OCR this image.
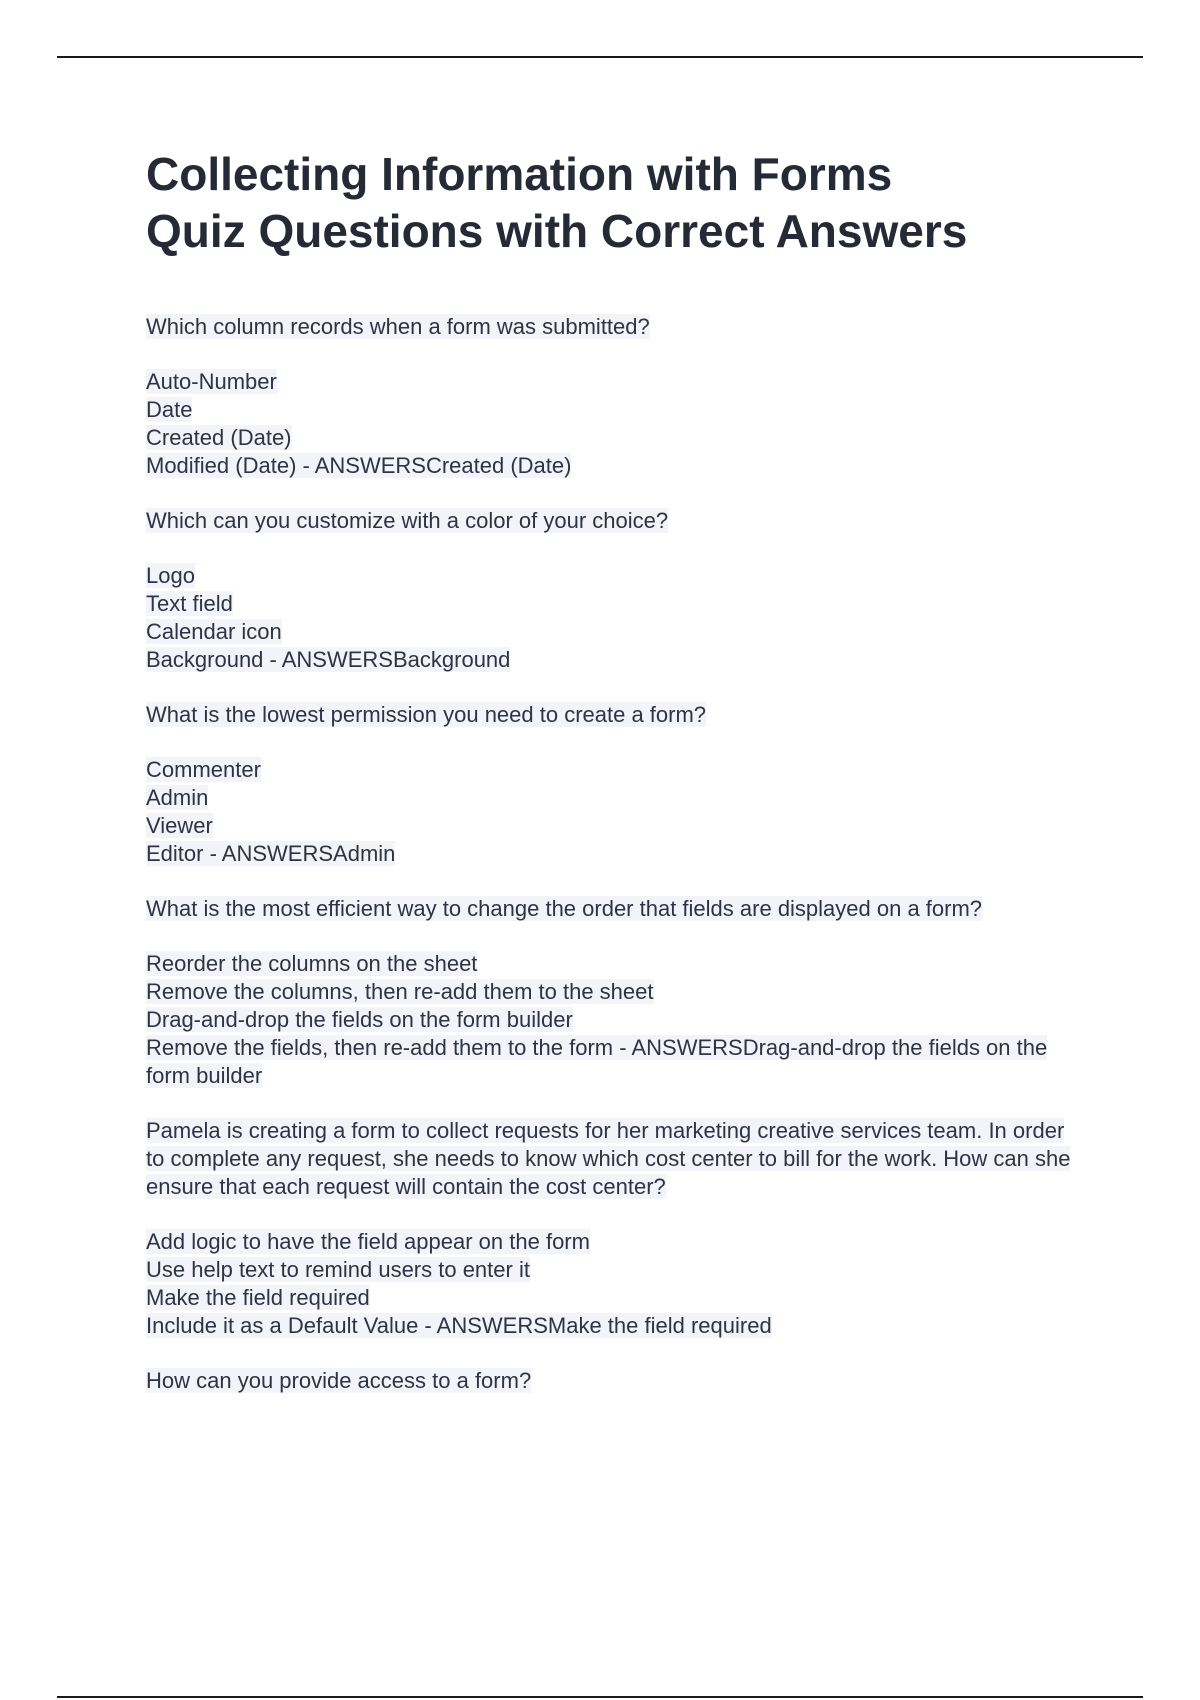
Collecting Information with Forms
Quiz Questions with Correct Answers
Which column records when a form was submitted?
Auto-Number
Date
Created (Date)
Modified (Date) - ANSWERSCreated (Date)
Which can you customize with a color of your choice?
Logo
Text field
Calendar icon
Background - ANSWERSBackground
What is the lowest permission you need to create a form?
Commenter
Admin
Viewer
Editor - ANSWERSAdmin
What is the most efficient way to change the order that fields are displayed on a form?
Reorder the columns on the sheet
Remove the columns, then re-add them to the sheet
Drag-and-drop the fields on the form builder
Remove the fields, then re-add them to the form - ANSWERSDrag-and-drop the fields on the form builder
Pamela is creating a form to collect requests for her marketing creative services team. In order to complete any request, she needs to know which cost center to bill for the work. How can she ensure that each request will contain the cost center?
Add logic to have the field appear on the form
Use help text to remind users to enter it
Make the field required
Include it as a Default Value - ANSWERSMake the field required
How can you provide access to a form?
